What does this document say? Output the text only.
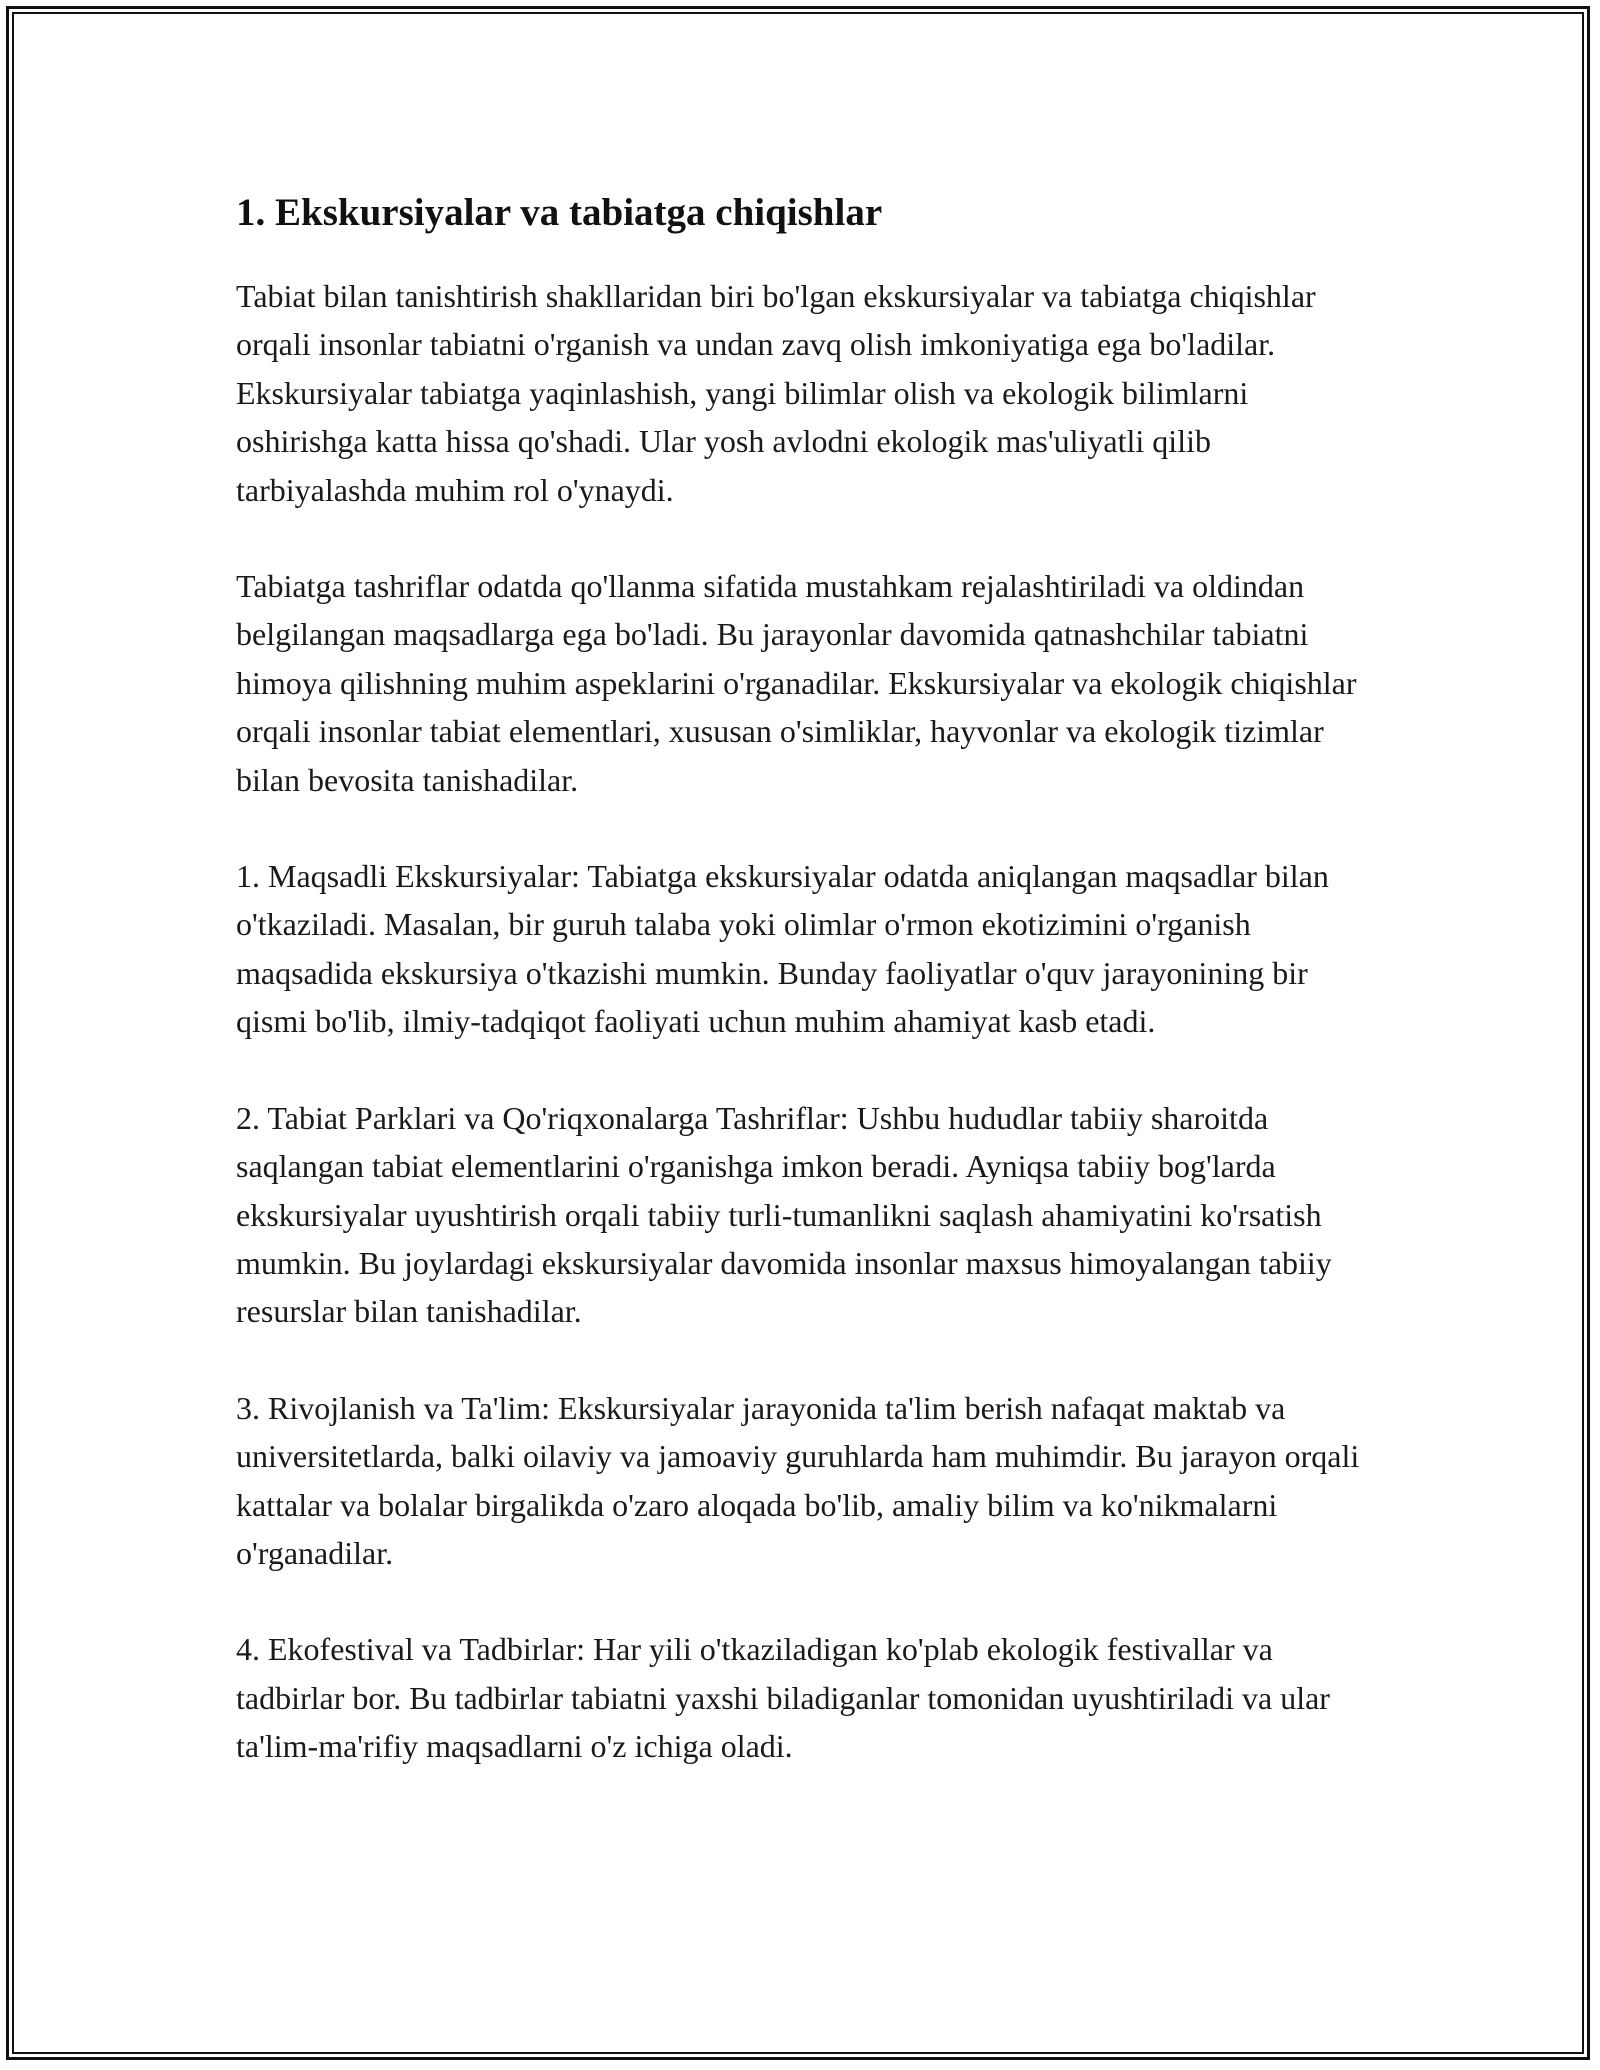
1. Ekskursiyalar va tabiatga chiqishlar

Tabiat bilan tanishtirish shakllaridan biri bo'lgan ekskursiyalar va tabiatga chiqishlar orqali insonlar tabiatni o'rganish va undan zavq olish imkoniyatiga ega bo'ladilar. Ekskursiyalar tabiatga yaqinlashish, yangi bilimlar olish va ekologik bilimlarni oshirishga katta hissa qo'shadi. Ular yosh avlodni ekologik mas'uliyatli qilib tarbiyalashda muhim rol o'ynaydi.

Tabiatga tashriflar odatda qo'llanma sifatida mustahkam rejalashtiriladi va oldindan belgilangan maqsadlarga ega bo'ladi. Bu jarayonlar davomida qatnashchilar tabiatni himoya qilishning muhim aspeklarini o'rganadilar. Ekskursiyalar va ekologik chiqishlar orqali insonlar tabiat elementlari, xususan o'simliklar, hayvonlar va ekologik tizimlar bilan bevosita tanishadilar.

1. Maqsadli Ekskursiyalar: Tabiatga ekskursiyalar odatda aniqlangan maqsadlar bilan o'tkaziladi. Masalan, bir guruh talaba yoki olimlar o'rmon ekotizimini o'rganish maqsadida ekskursiya o'tkazishi mumkin. Bunday faoliyatlar o'quv jarayonining bir qismi bo'lib, ilmiy-tadqiqot faoliyati uchun muhim ahamiyat kasb etadi.

2. Tabiat Parklari va Qo'riqxonalarga Tashriflar: Ushbu hududlar tabiiy sharoitda saqlangan tabiat elementlarini o'rganishga imkon beradi. Ayniqsa tabiiy bog'larda ekskursiyalar uyushtirish orqali tabiiy turli-tumanlikni saqlash ahamiyatini ko'rsatish mumkin. Bu joylardagi ekskursiyalar davomida insonlar maxsus himoyalangan tabiiy resurslar bilan tanishadilar.

3. Rivojlanish va Ta'lim: Ekskursiyalar jarayonida ta'lim berish nafaqat maktab va universitetlarda, balki oilaviy va jamoaviy guruhlarda ham muhimdir. Bu jarayon orqali kattalar va bolalar birgalikda o'zaro aloqada bo'lib, amaliy bilim va ko'nikmalarni o'rganadilar.

4. Ekofestival va Tadbirlar: Har yili o'tkaziladigan ko'plab ekologik festivallar va tadbirlar bor. Bu tadbirlar tabiatni yaxshi biladiganlar tomonidan uyushtiriladi va ular ta'lim-ma'rifiy maqsadlarni o'z ichiga oladi.
